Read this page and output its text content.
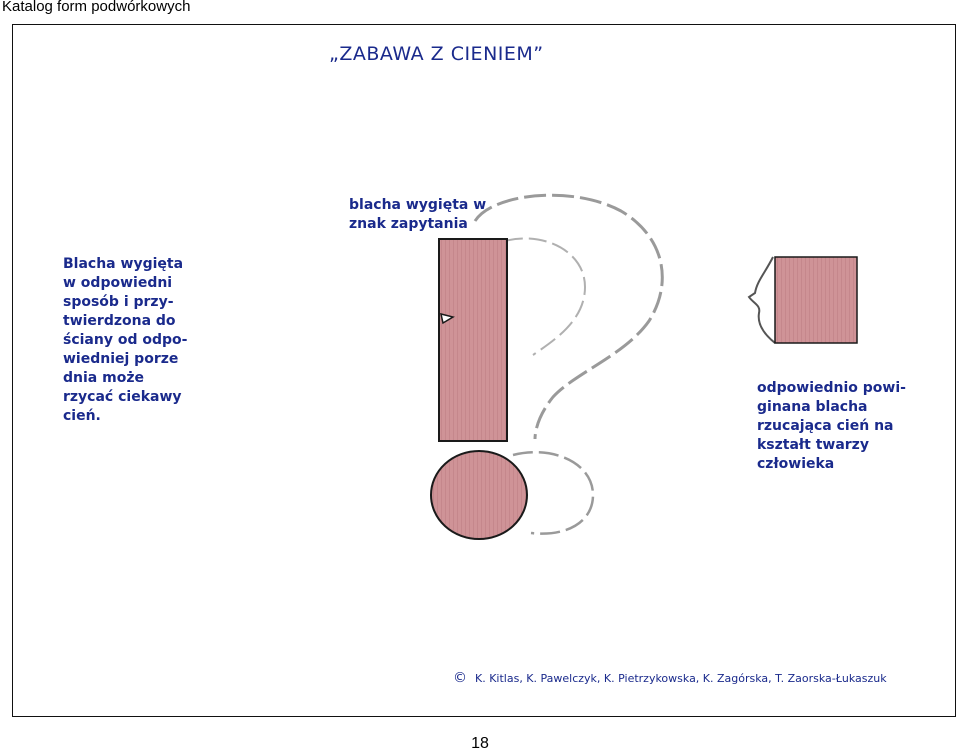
Katalog form podwórkowych
„ZABAWA Z CIENIEM”
Blacha wygięta
w odpowiedni
sposób i przy-
twierdzona do
ściany od odpo-
wiedniej porze
dnia może
rzycać ciekawy
cień.
blacha wygięta w
znak zapytania
odpowiednio powi-
ginana blacha
rzucająca cień na
kształt twarzy
człowieka
© K. Kitlas, K. Pawelczyk, K. Pietrzykowska, K. Zagórska, T. Zaorska-Łukaszuk
18
